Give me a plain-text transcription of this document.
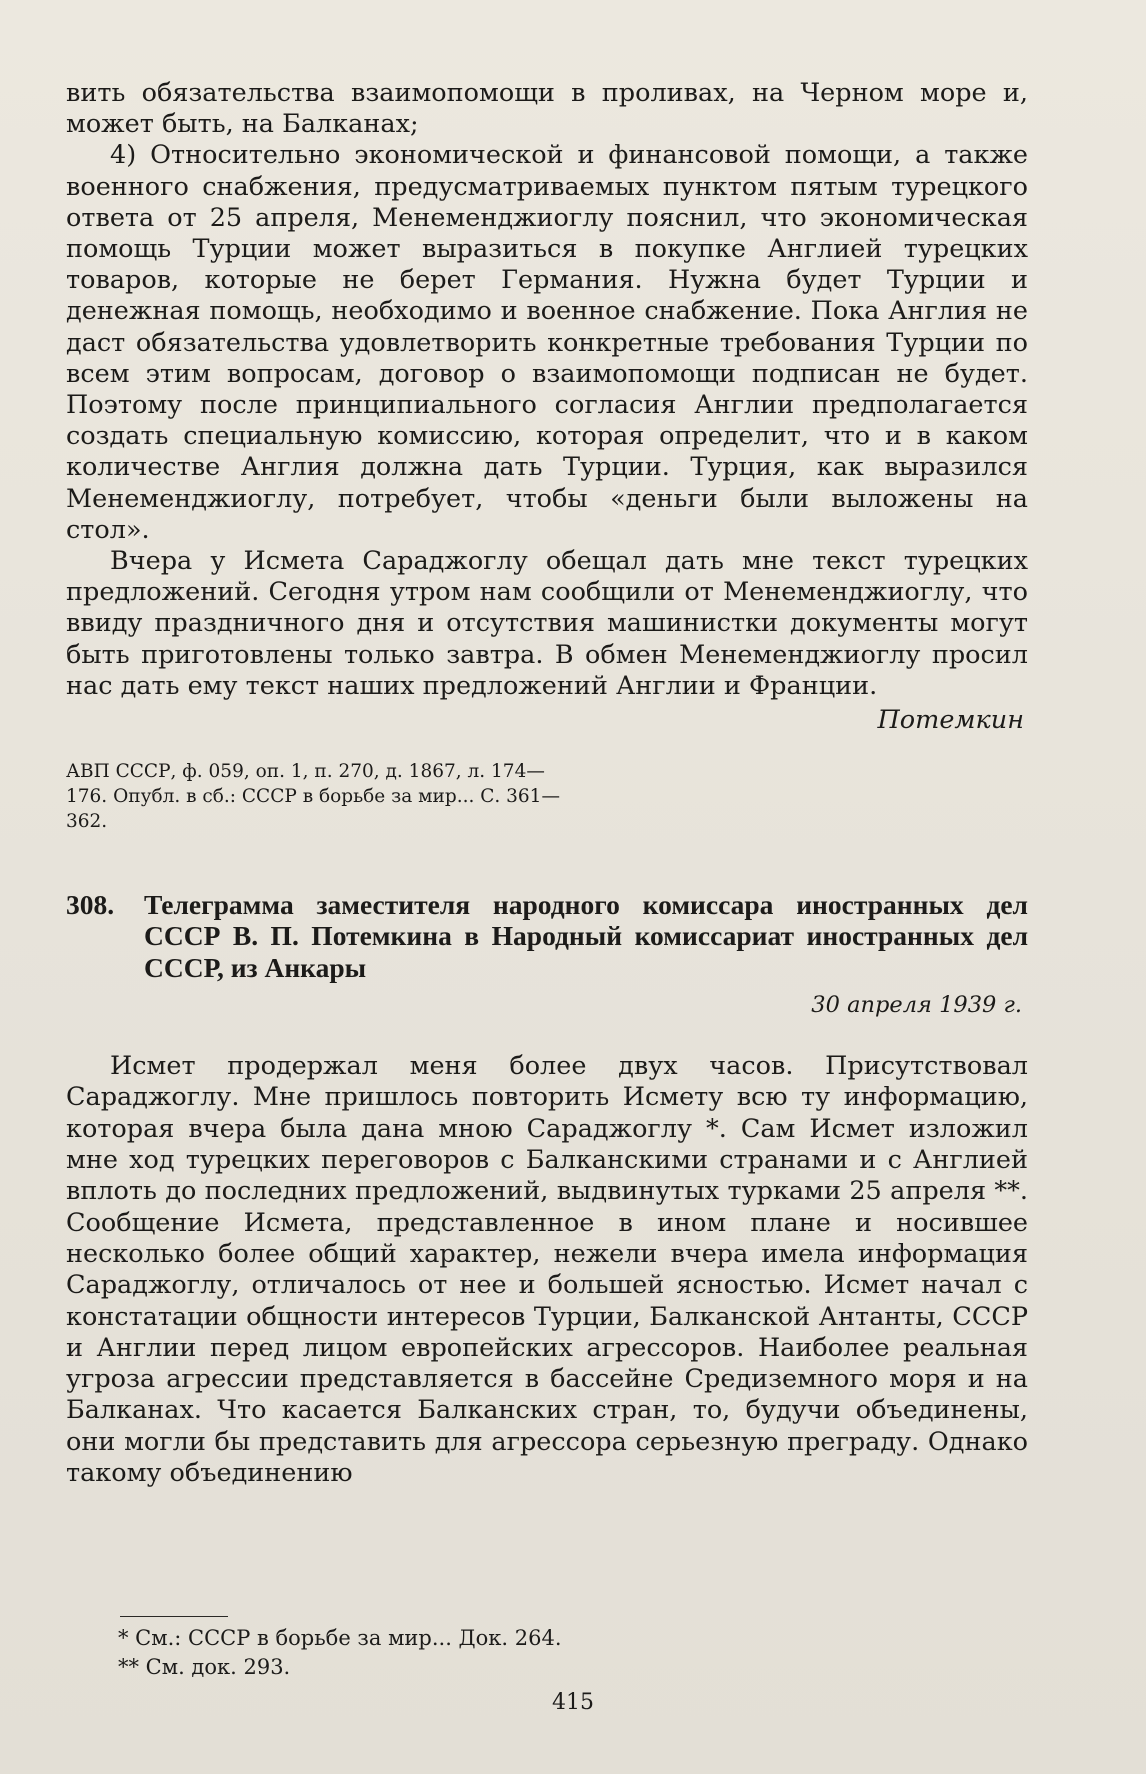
вить обязательства взаимопомощи в проливах, на Черном море и, может быть, на Балканах;

4) Относительно экономической и финансовой помощи, а также военного снабжения, предусматриваемых пунктом пятым турецкого ответа от 25 апреля, Менеменджиоглу пояснил, что экономическая помощь Турции может выразиться в покупке Англией турецких товаров, которые не берет Германия. Нужна будет Турции и денежная помощь, необходимо и военное снабжение. Пока Англия не даст обязательства удовлетворить конкретные требования Турции по всем этим вопросам, договор о взаимопомощи подписан не будет. Поэтому после принципиального согласия Англии предполагается создать специальную комиссию, которая определит, что и в каком количестве Англия должна дать Турции. Турция, как выразился Менеменджиоглу, потребует, чтобы «деньги были выложены на стол».

Вчера у Исмета Сараджоглу обещал дать мне текст турецких предложений. Сегодня утром нам сообщили от Менеменджиоглу, что ввиду праздничного дня и отсутствия машинистки документы могут быть приготовлены только завтра. В обмен Менеменджиоглу просил нас дать ему текст наших предложений Англии и Франции.

Потемкин
АВП СССР, ф. 059, оп. 1, п. 270, д. 1867, л. 174—176. Опубл. в сб.: СССР в борьбе за мир... С. 361—362.
308.	Телеграмма заместителя народного комиссара иностранных дел СССР В. П. Потемкина в Народный комиссариат иностранных дел СССР, из Анкары
30 апреля 1939 г.

Исмет продержал меня более двух часов. Присутствовал Сараджоглу. Мне пришлось повторить Исмету всю ту информацию, которая вчера была дана мною Сараджоглу *. Сам Исмет изложил мне ход турецких переговоров с Балканскими странами и с Англией вплоть до последних предложений, выдвинутых турками 25 апреля **. Сообщение Исмета, представленное в ином плане и носившее несколько более общий характер, нежели вчера имела информация Сараджоглу, отличалось от нее и большей ясностью. Исмет начал с констатации общности интересов Турции, Балканской Антанты, СССР и Англии перед лицом европейских агрессоров. Наиболее реальная угроза агрессии представляется в бассейне Средиземного моря и на Балканах. Что касается Балканских стран, то, будучи объединены, они могли бы представить для агрессора серьезную преграду. Однако такому объединению

* См.: СССР в борьбе за мир... Док. 264.
** См. док. 293.
415
